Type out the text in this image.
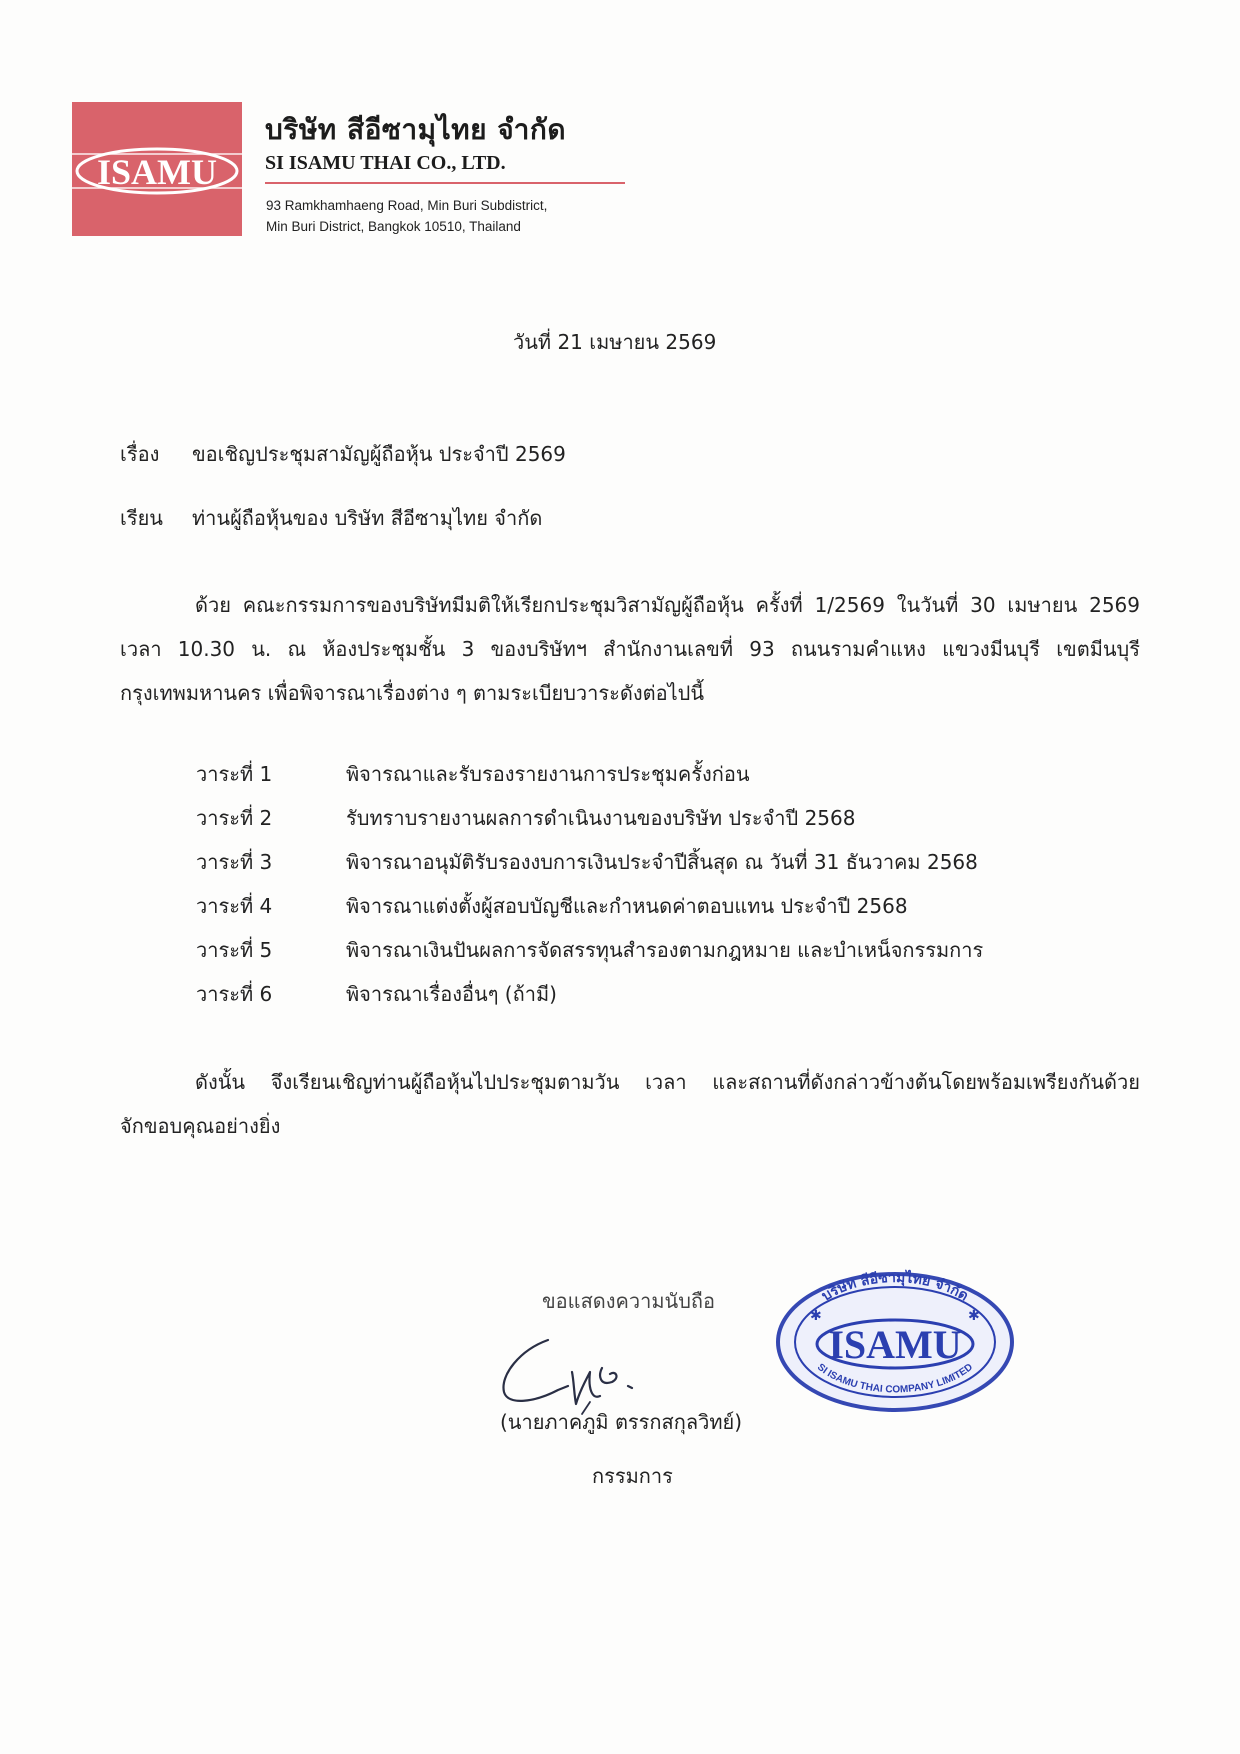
ISAMU
บริษัท สีอีซามุไทย จำกัด
SI ISAMU THAI CO., LTD.
93 Ramkhamhaeng Road, Min Buri Subdistrict,
Min Buri District, Bangkok 10510, Thailand
วันที่ 21 เมษายน 2569
เรื่อง ขอเชิญประชุมสามัญผู้ถือหุ้น ประจำปี 2569
เรียน ท่านผู้ถือหุ้นของ บริษัท สีอีซามุไทย จำกัด
ด้วย คณะกรรมการของบริษัทมีมติให้เรียกประชุมวิสามัญผู้ถือหุ้น ครั้งที่ 1/2569 ในวันที่ 30 เมษายน 2569
เวลา 10.30 น. ณ ห้องประชุมชั้น 3 ของบริษัทฯ สำนักงานเลขที่ 93 ถนนรามคำแหง แขวงมีนบุรี เขตมีนบุรี
กรุงเทพมหานคร เพื่อพิจารณาเรื่องต่าง ๆ ตามระเบียบวาระดังต่อไปนี้
วาระที่ 1	พิจารณาและรับรองรายงานการประชุมครั้งก่อน
วาระที่ 2	รับทราบรายงานผลการดำเนินงานของบริษัท ประจำปี 2568
วาระที่ 3	พิจารณาอนุมัติรับรองงบการเงินประจำปีสิ้นสุด ณ วันที่ 31 ธันวาคม 2568
วาระที่ 4	พิจารณาแต่งตั้งผู้สอบบัญชีและกำหนดค่าตอบแทน ประจำปี 2568
วาระที่ 5	พิจารณาเงินปันผลการจัดสรรทุนสำรองตามกฎหมาย และบำเหน็จกรรมการ
วาระที่ 6	พิจารณาเรื่องอื่นๆ (ถ้ามี)
ดังนั้น จึงเรียนเชิญท่านผู้ถือหุ้นไปประชุมตามวัน เวลา และสถานที่ดังกล่าวข้างต้นโดยพร้อมเพรียงกันด้วย
จักขอบคุณอย่างยิ่ง
ขอแสดงความนับถือ
(นายภาคภูมิ ตรรกสกุลวิทย์)
กรรมการ
บริษัท สีอีซามุไทย จำกัด
ISAMU
SI ISAMU THAI COMPANY LIMITED
✱	✱
